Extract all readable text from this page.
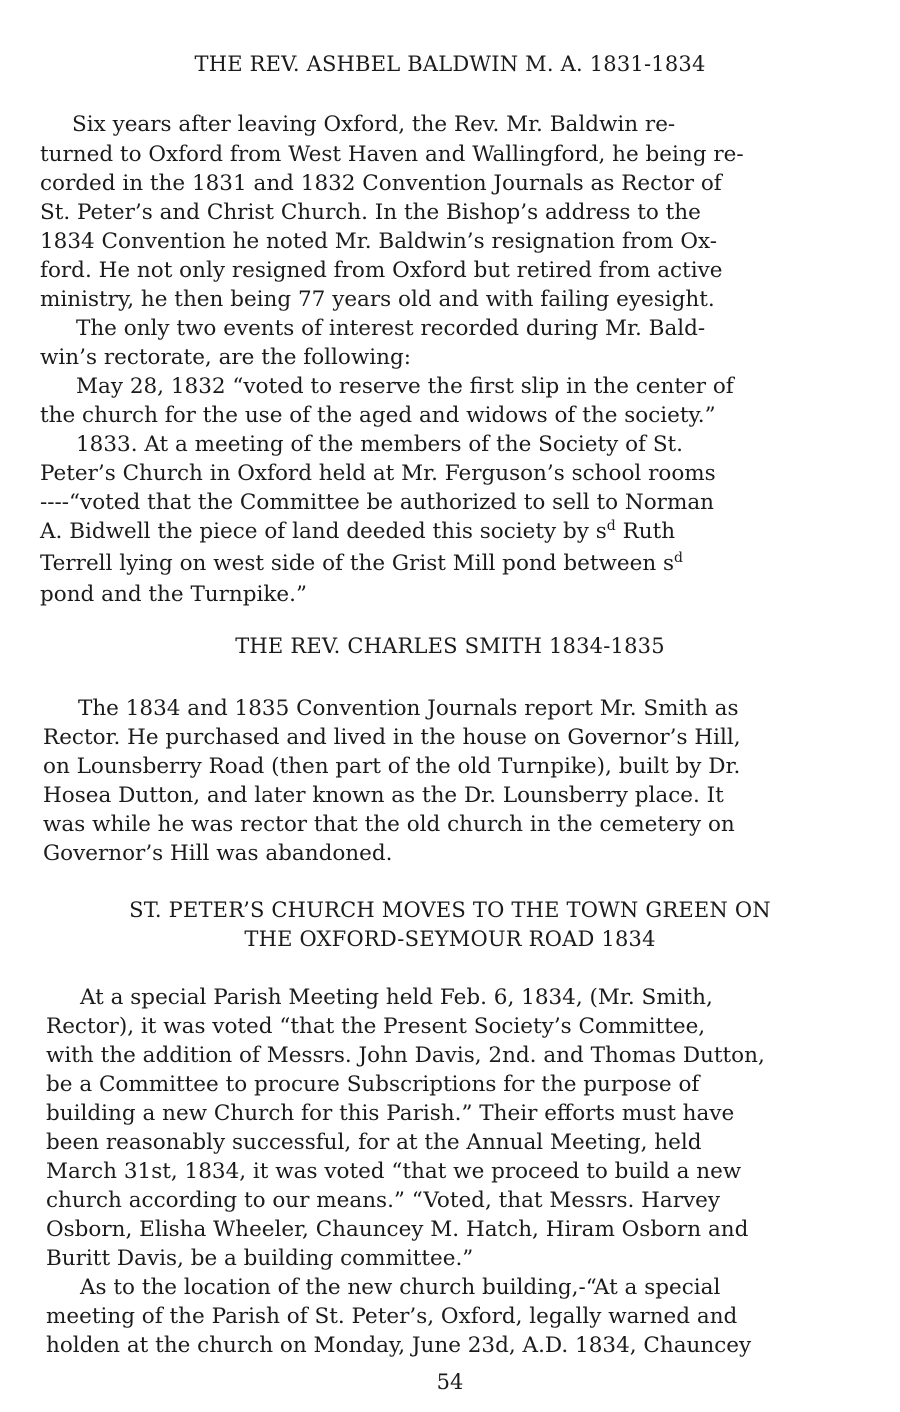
THE REV. ASHBEL BALDWIN M. A. 1831-1834
Six years after leaving Oxford, the Rev. Mr. Baldwin re-
turned to Oxford from West Haven and Wallingford, he being re-
corded in the 1831 and 1832 Convention Journals as Rector of
St. Peter’s and Christ Church. In the Bishop’s address to the
1834 Convention he noted Mr. Baldwin’s resignation from Ox-
ford. He not only resigned from Oxford but retired from active
ministry, he then being 77 years old and with failing eyesight.
The only two events of interest recorded during Mr. Bald-
win’s rectorate, are the following:
May 28, 1832 “voted to reserve the first slip in the center of
the church for the use of the aged and widows of the society.”
1833. At a meeting of the members of the Society of St.
Peter’s Church in Oxford held at Mr. Ferguson’s school rooms
----“voted that the Committee be authorized to sell to Norman
A. Bidwell the piece of land deeded this society by $s^d$ Ruth
Terrell lying on west side of the Grist Mill pond between $s^d$
pond and the Turnpike.”
THE REV. CHARLES SMITH 1834-1835
The 1834 and 1835 Convention Journals report Mr. Smith as
Rector. He purchased and lived in the house on Governor’s Hill,
on Lounsberry Road (then part of the old Turnpike), built by Dr.
Hosea Dutton, and later known as the Dr. Lounsberry place. It
was while he was rector that the old church in the cemetery on
Governor’s Hill was abandoned.
ST. PETER’S CHURCH MOVES TO THE TOWN GREEN ON
THE OXFORD-SEYMOUR ROAD 1834
At a special Parish Meeting held Feb. 6, 1834, (Mr. Smith,
Rector), it was voted “that the Present Society’s Committee,
with the addition of Messrs. John Davis, 2nd. and Thomas Dutton,
be a Committee to procure Subscriptions for the purpose of
building a new Church for this Parish.” Their efforts must have
been reasonably successful, for at the Annual Meeting, held
March 31st, 1834, it was voted “that we proceed to build a new
church according to our means.” “Voted, that Messrs. Harvey
Osborn, Elisha Wheeler, Chauncey M. Hatch, Hiram Osborn and
Buritt Davis, be a building committee.”
As to the location of the new church building,-“At a special
meeting of the Parish of St. Peter’s, Oxford, legally warned and
holden at the church on Monday, June 23d, A.D. 1834, Chauncey
54
